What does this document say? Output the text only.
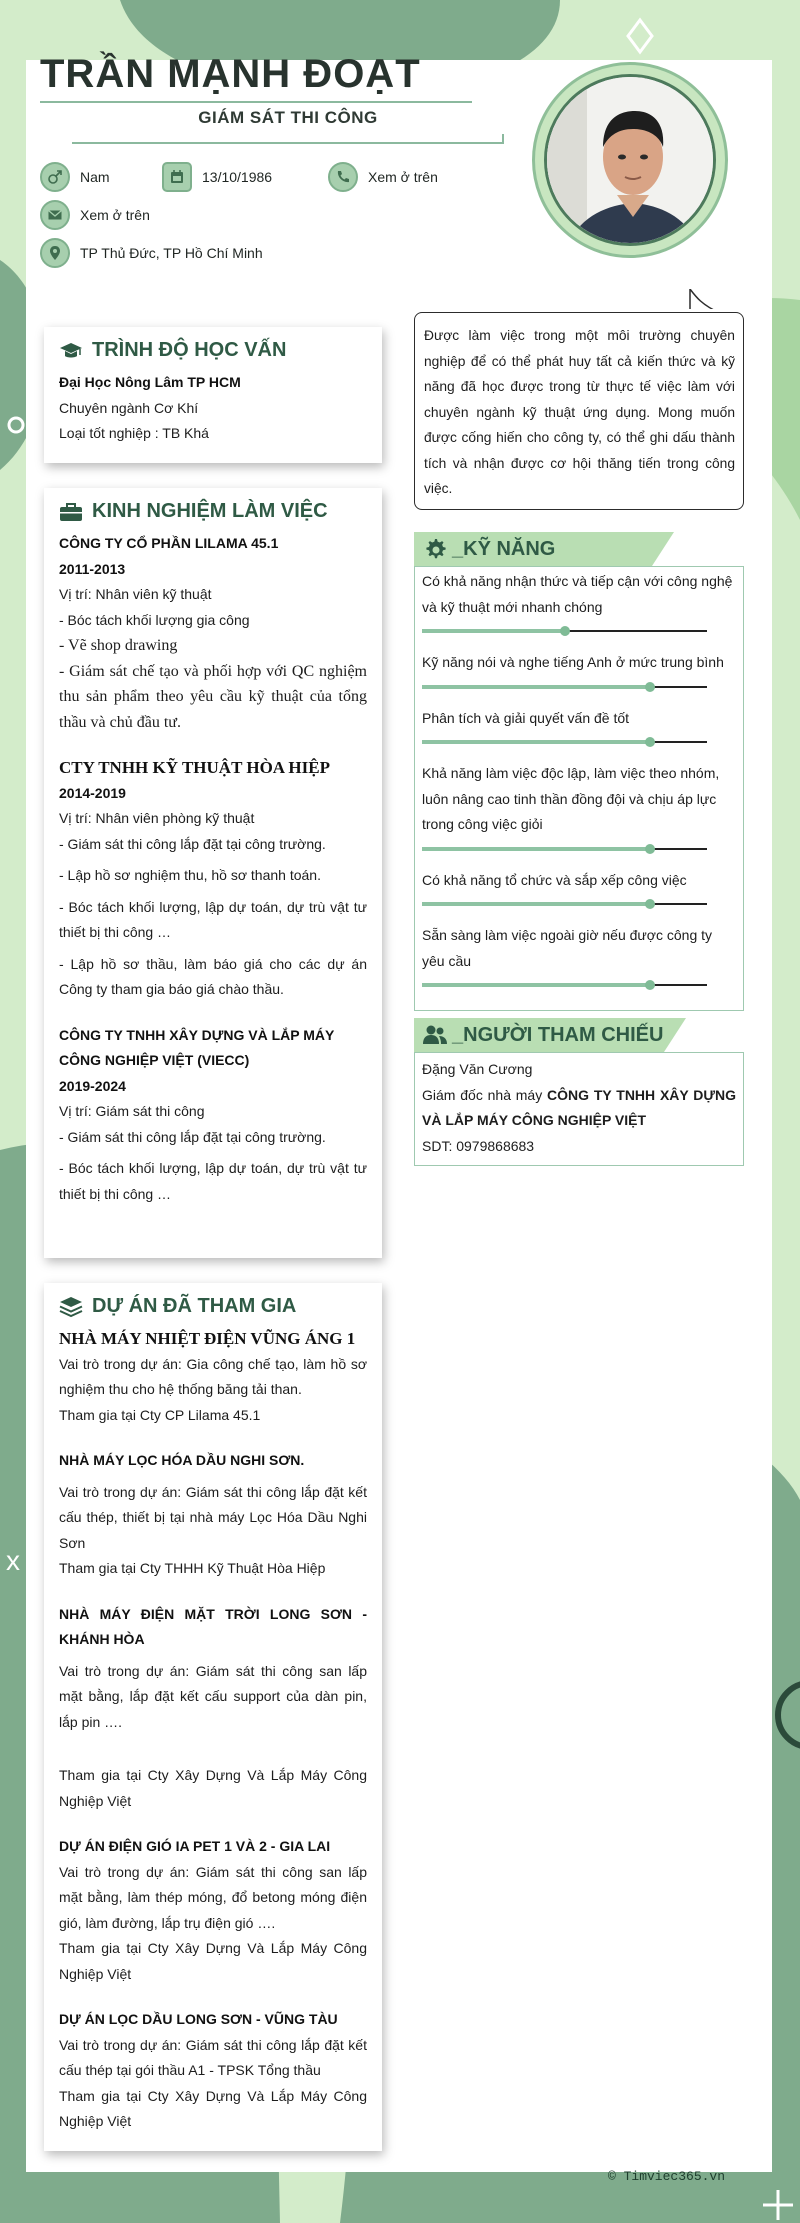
x
TRẦN MẠNH ĐOẠT
GIÁM SÁT THI CÔNG
Nam	13/10/1986	Xem ở trên
Xem ở trên
TP Thủ Đức, TP Hồ Chí Minh
TRÌNH ĐỘ HỌC VẤN
Đại Học Nông Lâm TP HCM
Chuyên ngành Cơ Khí
Loại tốt nghiệp : TB Khá
KINH NGHIỆM LÀM VIỆC
CÔNG TY CỔ PHẦN LILAMA 45.1
2011-2013
Vị trí: Nhân viên kỹ thuật
- Bóc tách khối lượng gia công
- Vẽ shop drawing
- Giám sát chế tạo và phối hợp với QC nghiệm thu sản phẩm theo yêu cầu kỹ thuật của tổng thầu và chủ đầu tư.
CTY TNHH KỸ THUẬT HÒA HIỆP
2014-2019
Vị trí: Nhân viên phòng kỹ thuật
- Giám sát thi công lắp đặt tại công trường.
- Lập hồ sơ nghiệm thu, hồ sơ thanh toán.
- Bóc tách khối lượng, lập dự toán, dự trù vật tư thiết bị thi công …
- Lập hồ sơ thầu, làm báo giá cho các dự án Công ty tham gia báo giá chào thầu.
CÔNG TY TNHH XÂY DỰNG VÀ LẮP MÁY CÔNG NGHIỆP VIỆT (VIECC)
2019-2024
Vị trí: Giám sát thi công
- Giám sát thi công lắp đặt tại công trường.
- Bóc tách khối lượng, lập dự toán, dự trù vật tư thiết bị thi công …
DỰ ÁN ĐÃ THAM GIA
NHÀ MÁY NHIỆT ĐIỆN VŨNG ÁNG 1
Vai trò trong dự án: Gia công chế tạo, làm hồ sơ nghiệm thu cho hệ thống băng tải than.
Tham gia tại Cty CP Lilama 45.1
NHÀ MÁY LỌC HÓA DẦU NGHI SƠN.
Vai trò trong dự án: Giám sát thi công lắp đặt kết cấu thép, thiết bị tại nhà máy Lọc Hóa Dầu Nghi Sơn
Tham gia tại Cty THHH Kỹ Thuật Hòa Hiệp
NHÀ MÁY ĐIỆN MẶT TRỜI LONG SƠN - KHÁNH HÒA
Vai trò trong dự án: Giám sát thi công san lấp mặt bằng, lắp đặt kết cấu support của dàn pin, lắp pin ….
Tham gia tại Cty Xây Dựng Và Lắp Máy Công Nghiệp Việt
DỰ ÁN ĐIỆN GIÓ IA PET 1 VÀ 2 - GIA LAI
Vai trò trong dự án: Giám sát thi công san lấp mặt bằng, làm thép móng, đổ betong móng điện gió, làm đường, lắp trụ điện gió ….
Tham gia tại Cty Xây Dựng Và Lắp Máy Công Nghiệp Việt
DỰ ÁN LỌC DẦU LONG SƠN - VŨNG TÀU
Vai trò trong dự án: Giám sát thi công lắp đặt kết cấu thép tại gói thầu A1 - TPSK Tổng thầu
Tham gia tại Cty Xây Dựng Và Lắp Máy Công Nghiệp Việt
Được làm việc trong một môi trường chuyên nghiệp để có thể phát huy tất cả kiến thức và kỹ năng đã học được trong từ thực tế việc làm với chuyên ngành kỹ thuật ứng dụng. Mong muốn được cống hiến cho công ty, có thể ghi dấu thành tích và nhận được cơ hội thăng tiến trong công việc.
_KỸ NĂNG
Có khả năng nhận thức và tiếp cận với công nghệ và kỹ thuật mới nhanh chóng
Kỹ năng nói và nghe tiếng Anh ở mức trung bình
Phân tích và giải quyết vấn đề tốt
Khả năng làm việc độc lập, làm việc theo nhóm, luôn nâng cao tinh thần đồng đội và chịu áp lực trong công việc giỏi
Có khả năng tổ chức và sắp xếp công việc
Sẵn sàng làm việc ngoài giờ nếu được công ty yêu cầu
_NGƯỜI THAM CHIẾU
Đặng Văn Cương
Giám đốc nhà máy CÔNG TY TNHH XÂY DỰNG VÀ LẮP MÁY CÔNG NGHIỆP VIỆT
SDT: 0979868683
© Timviec365.vn
